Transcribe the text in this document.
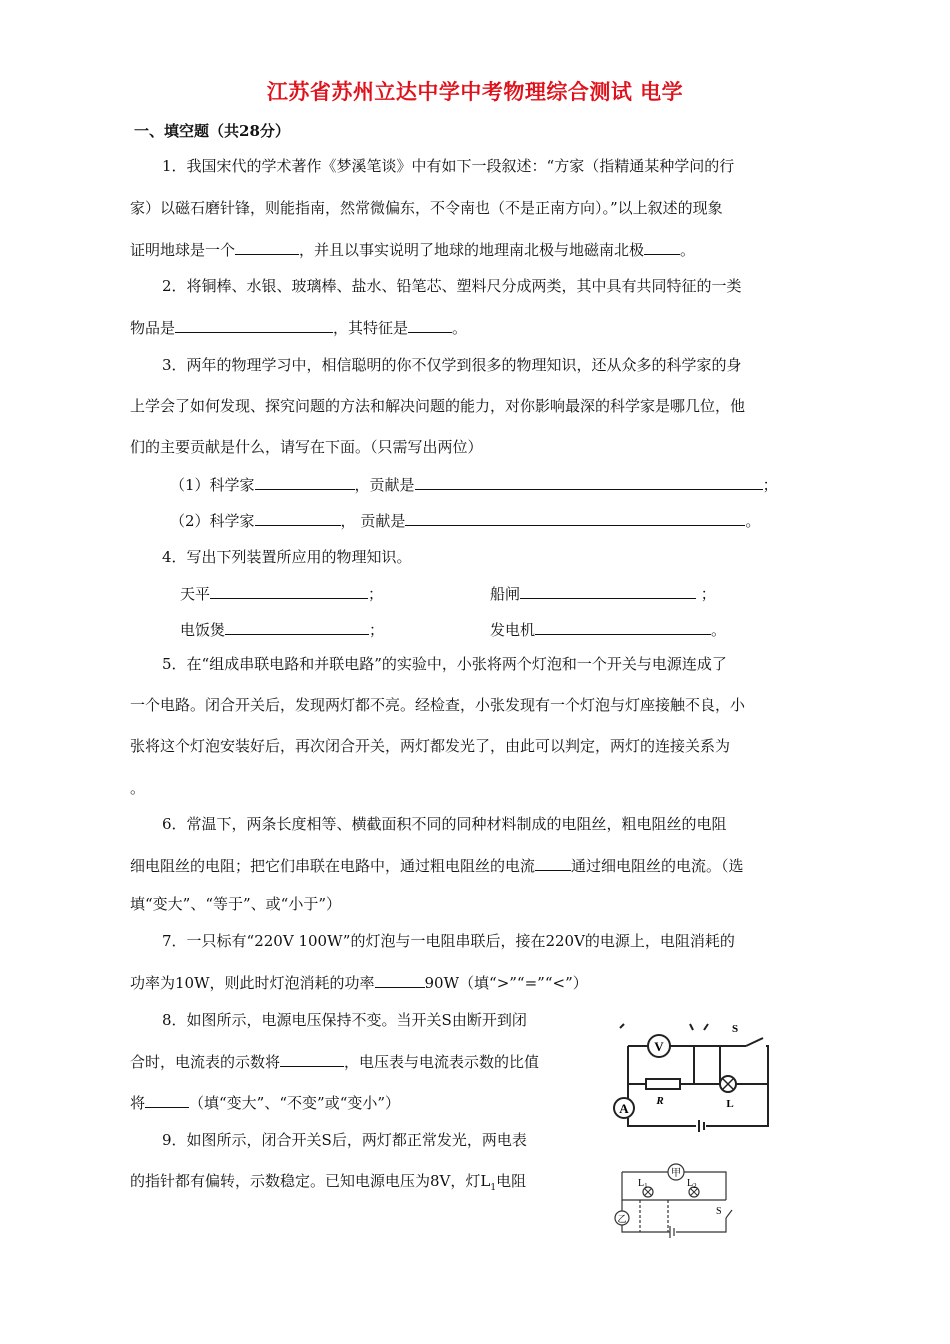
江苏省苏州立达中学中考物理综合测试 电学
一、填空题（共28分）
1．我国宋代的学术著作《梦溪笔谈》中有如下一段叙述：“方家（指精通某种学问的行
家）以磁石磨针锋，则能指南，然常微偏东，不令南也（不是正南方向）。”以上叙述的现象
证明地球是一个	，并且以事实说明了地球的地理南北极与地磁南北极 。
2．将铜棒、水银、玻璃棒、盐水、铅笔芯、塑料尺分成两类，其中具有共同特征的一类
物品是	，其特征是	。
3．两年的物理学习中，相信聪明的你不仅学到很多的物理知识，还从众多的科学家的身
上学会了如何发现、探究问题的方法和解决问题的能力，对你影响最深的科学家是哪几位，他
们的主要贡献是什么，请写在下面。（只需写出两位）
（1）科学家	，贡献是	；
（2）科学家	， 贡献是	。
4．写出下列装置所应用的物理知识。
天平	；	船闸	；
电饭煲	；	发电机	。
5．在“组成串联电路和并联电路”的实验中，小张将两个灯泡和一个开关与电源连成了
一个电路。闭合开关后，发现两灯都不亮。经检查，小张发现有一个灯泡与灯座接触不良，小
张将这个灯泡安装好后，再次闭合开关，两灯都发光了，由此可以判定，两灯的连接关系为
。
6．常温下，两条长度相等、横截面积不同的同种材料制成的电阻丝，粗电阻丝的电阻
细电阻丝的电阻；把它们串联在电路中，通过粗电阻丝的电流 通过细电阻丝的电流。（选
填“变大”、“等于”、或“小于”）
7．一只标有“220V 100W”的灯泡与一电阻串联后，接在220V的电源上，电阻消耗的
功率为10W，则此时灯泡消耗的功率	90W（填“>”“=”“<”）
8．如图所示，电源电压保持不变。当开关S由断开到闭
合时，电流表的示数将	，电压表与电流表示数的比值
将	（填“变大”、“不变”或“变小”）
9．如图所示，闭合开关S后，两灯都正常发光，两电表
的指针都有偏转，示数稳定。已知电源电压为8V，灯$L_1$电阻
V
A	R	L
S
甲
乙
$L_1$	$L_2$
S
